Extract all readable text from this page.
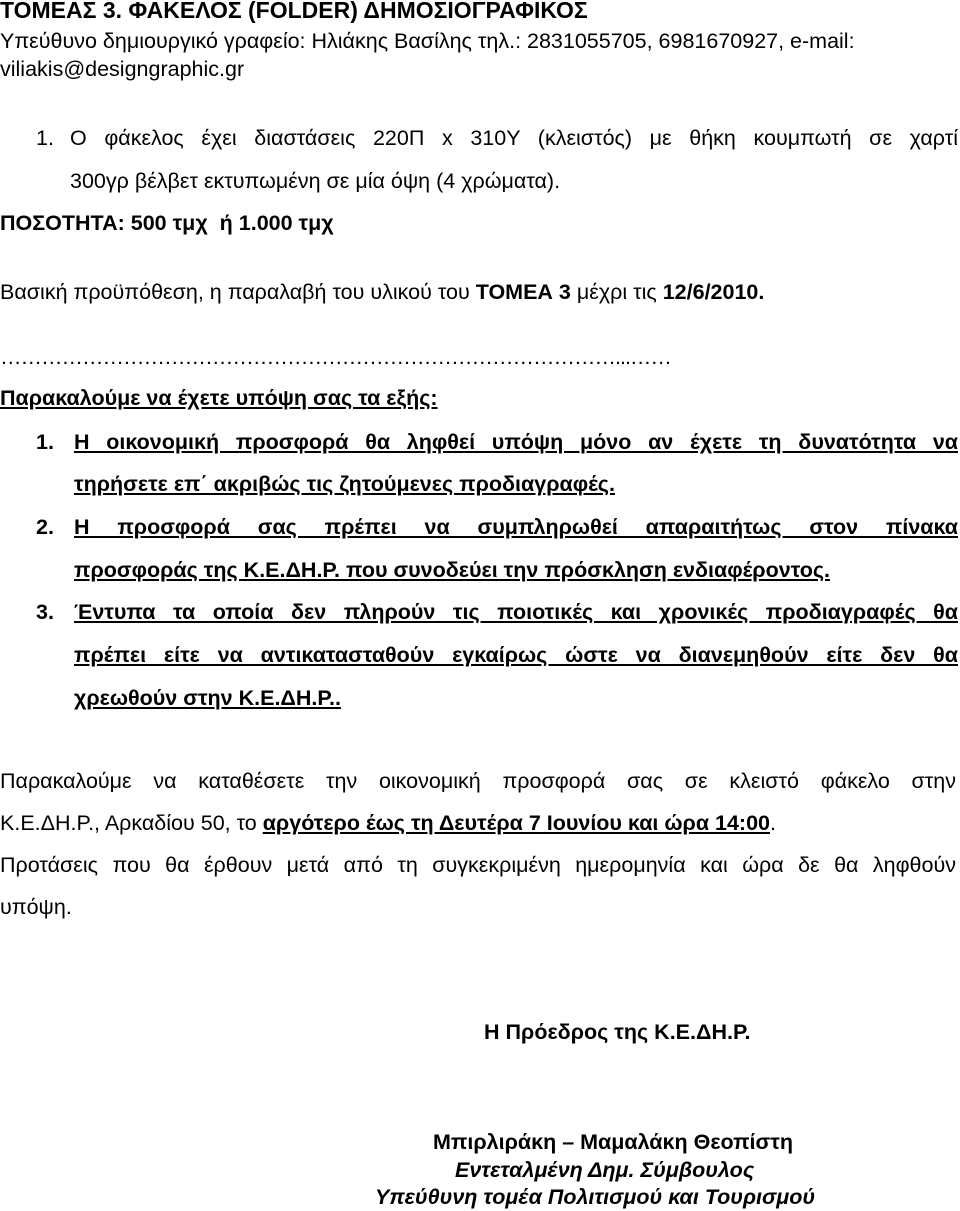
ΤΟΜΕΑΣ 3. ΦΑΚΕΛΟΣ (FOLDER) ΔΗΜΟΣΙΟΓΡΑΦΙΚΟΣ
Υπεύθυνο δημιουργικό γραφείο: Ηλιάκης Βασίλης τηλ.: 2831055705, 6981670927, e-mail:
viliakis@designgraphic.gr
1. Ο φάκελος έχει διαστάσεις 220Π x 310Υ (κλειστός) με θήκη κουμπωτή σε χαρτί
300γρ βέλβετ εκτυπωμένη σε μία όψη (4 χρώματα).
ΠΟΣΟΤΗΤΑ: 500 τμχ  ή 1.000 τμχ
Βασική προϋπόθεση, η παραλαβή του υλικού του ΤΟΜΕΑ 3 μέχρι τις 12/6/2010.
………………………………………………………………………………...……
Παρακαλούμε να έχετε υπόψη σας τα εξής:
1. Η οικονομική προσφορά θα ληφθεί υπόψη μόνο αν έχετε τη δυνατότητα να
τηρήσετε επ΄ ακριβώς τις ζητούμενες προδιαγραφές.
2. Η προσφορά σας πρέπει να συμπληρωθεί απαραιτήτως στον πίνακα
προσφοράς της Κ.Ε.ΔΗ.Ρ. που συνοδεύει την πρόσκληση ενδιαφέροντος.
3. Έντυπα τα οποία δεν πληρούν τις ποιοτικές και χρονικές προδιαγραφές θα
πρέπει είτε να αντικατασταθούν εγκαίρως ώστε να διανεμηθούν είτε δεν θα
χρεωθούν στην Κ.Ε.ΔΗ.Ρ..
Παρακαλούμε να καταθέσετε την οικονομική προσφορά σας σε κλειστό φάκελο στην
Κ.Ε.ΔΗ.Ρ., Αρκαδίου 50, το αργότερο έως τη Δευτέρα 7 Ιουνίου και ώρα 14:00.
Προτάσεις που θα έρθουν μετά από τη συγκεκριμένη ημερομηνία και ώρα δε θα ληφθούν
υπόψη.
Η Πρόεδρος της Κ.Ε.ΔΗ.Ρ.
Μπιρλιράκη – Μαμαλάκη Θεοπίστη
Εντεταλμένη Δημ. Σύμβουλος
Υπεύθυνη τομέα Πολιτισμού και Τουρισμού
